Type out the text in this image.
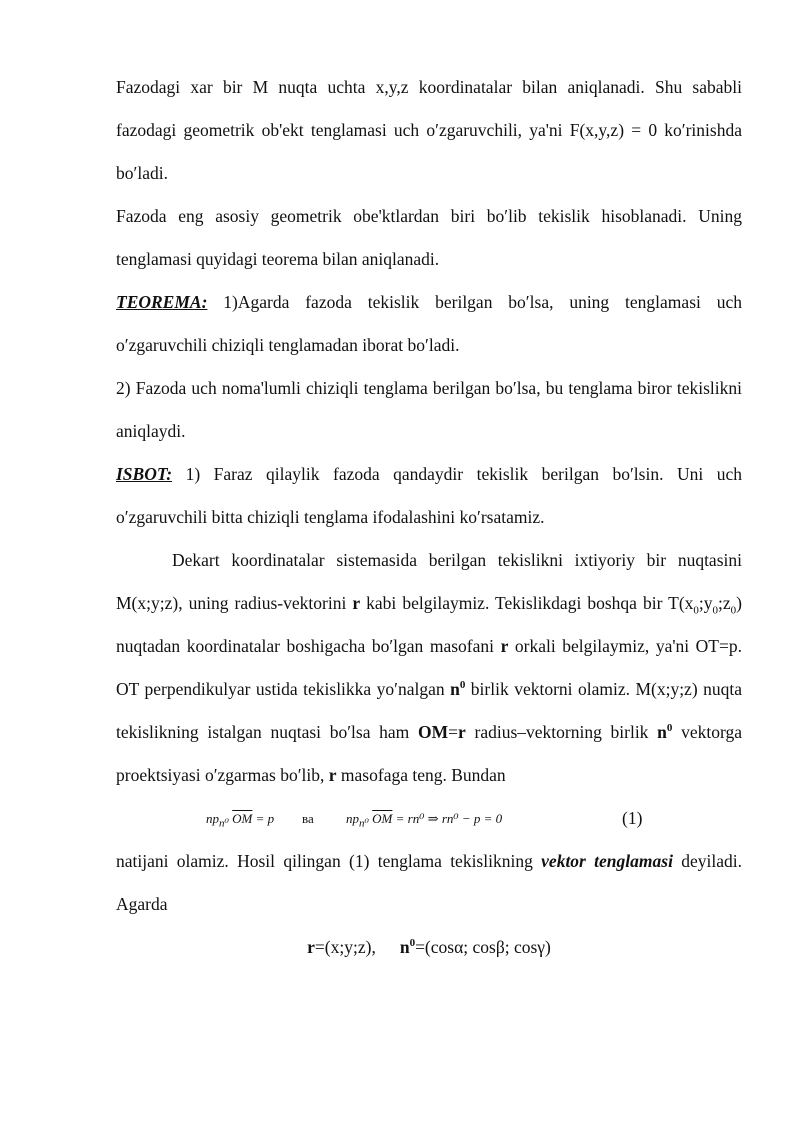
Fazodagi xar bir M nuqta uchta x,y,z koordinatalar bilan aniqlanadi. Shu sababli fazodagi geometrik ob'ekt tenglamasi uch o′zgaruvchili, ya'ni F(x,y,z) = 0 ko′rinishda bo′ladi.

Fazoda eng asosiy geometrik obe'ktlardan biri bo′lib tekislik hisoblanadi. Uning tenglamasi quyidagi teorema bilan aniqlanadi.

TEOREMA: 1)Agarda fazoda tekislik berilgan bo′lsa, uning tenglamasi uch o′zgaruvchili chiziqli tenglamadan iborat bo′ladi.

2) Fazoda uch noma'lumli chiziqli tenglama berilgan bo′lsa, bu tenglama biror tekislikni aniqlaydi.

ISBOT: 1) Faraz qilaylik fazoda qandaydir tekislik berilgan bo′lsin. Uni uch o′zgaruvchili bitta chiziqli tenglama ifodalashini ko′rsatamiz.

Dekart koordinatalar sistemasida berilgan tekislikni ixtiyoriy bir nuqtasini M(x;y;z), uning radius-vektorini r kabi belgilaymiz. Tekislikdagi boshqa bir $T(x_0;y_0;z_0)$ nuqtadan koordinatalar boshigacha bo′lgan masofani r orkali belgilaymiz, ya'ni OT=p. OT perpendikulyar ustida tekislikka yo′nalgan $n^0$ birlik vektorni olamiz. M(x;y;z) nuqta tekislikning istalgan nuqtasi bo′lsa ham OM=r radius–vektorning birlik $n^0$ vektorga proektsiyasi o′zgarmas bo′lib, r masofaga teng. Bundan

$np_{n^0}$ $\overline{OM} = p$ ва $np_{n^0}$ $\overline{OM} = rn^0$ ⇒ rn⁰ − p = 0	(1)

natijani olamiz. Hosil qilingan (1) tenglama tekislikning vektor tenglamasi deyiladi. Agarda

r=(x;y;z), $n^0=(\cos\alpha$; cosβ; cosγ)
